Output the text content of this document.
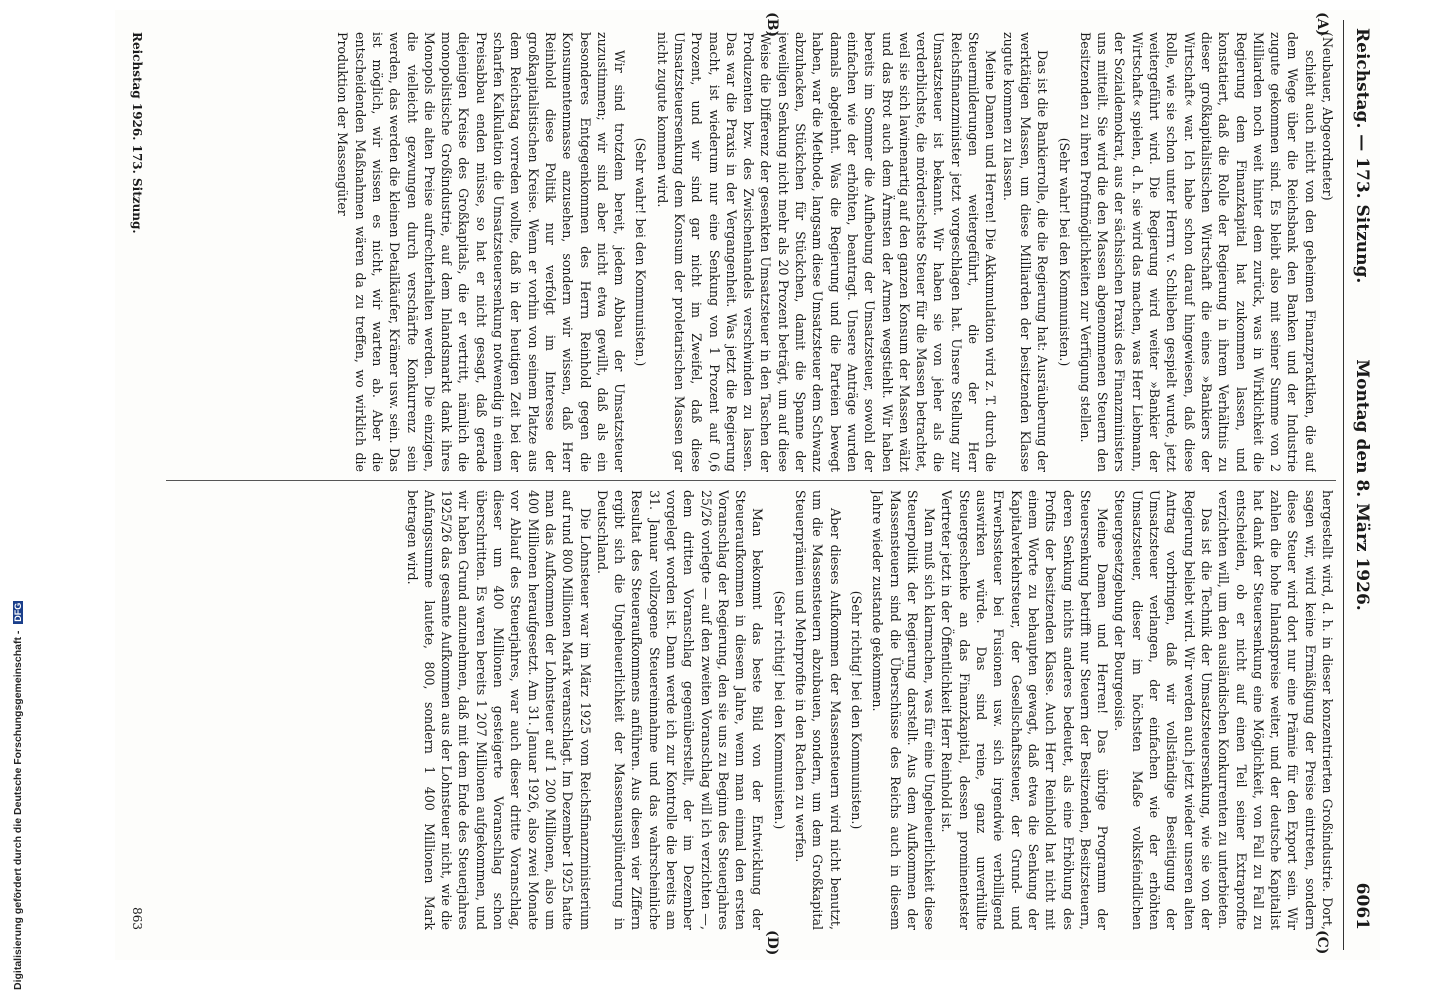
Digitalisierung gefördert durch die Deutsche Forschungsgemeinschaft - DFG
Reichstag. — 173. Sitzung.
Montag den 8. März 1926.
6061
(A)
(B)
(C)
(D)

(Neubauer, Abgeordneter)

schieht auch nicht von den geheimen Finanzpraktiken, die auf dem Wege über die Reichsbank den Banken und der Industrie zugute gekommen sind. Es bleibt also mit seiner Summe von 2 Milliarden noch weit hinter dem zurück, was in Wirklichkeit die Regierung dem Finanzkapital hat zukommen lassen, und konstatiert, daß die Rolle der Regierung in ihrem Verhältnis zu dieser großkapitalistischen Wirtschaft die eines »Bankiers der Wirtschaft« war. Ich habe schon darauf hingewiesen, daß diese Rolle, wie sie schon unter Herrn v. Schlieben gespielt wurde, jetzt weitergeführt wird. Die Regierung wird weiter »Bankier der Wirtschaft« spielen, d. h. sie wird das machen, was Herr Liebmann, der Sozialdemokrat, aus der sächsischen Praxis des Finanzministers uns mitteilt. Sie wird die den Massen abgenommenen Steuern den Besitzenden zu ihren Profitmöglichkeiten zur Verfügung stellen.

(Sehr wahr! bei den Kommunisten.)

Das ist die Bankierrolle, die die Regierung hat: Ausräuberung der werktätigen Massen, um diese Milliarden der besitzenden Klasse zugute kommen zu lassen.

Meine Damen und Herren! Die Akkumulation wird z. T. durch die Steuermilderungen weitergeführt, die der Herr Reichsfinanzminister jetzt vorgeschlagen hat. Unsere Stellung zur Umsatzsteuer ist bekannt. Wir haben sie von jeher als die verderblichste, die mörderischste Steuer für die Massen betrachtet, weil sie sich lawinenartig auf den ganzen Konsum der Massen wälzt und das Brot auch dem Ärmsten der Armen wegstiehlt. Wir haben bereits im Sommer die Aufhebung der Umsatzsteuer, sowohl der einfachen wie der erhöhten, beantragt. Unsere Anträge wurden damals abgelehnt. Was die Regierung und die Parteien bewegt haben, war die Methode, langsam diese Umsatzsteuer dem Schwanz abzuhacken, Stückchen für Stückchen, damit die Spanne der jeweiligen Senkung nicht mehr als 20 Prozent beträgt, um auf diese Weise die Differenz der gesenkten Umsatzsteuer in den Taschen der Produzenten bzw. des Zwischenhandels verschwinden zu lassen. Das war die Praxis in der Vergangenheit. Was jetzt die Regierung macht, ist wiederum nur eine Senkung von 1 Prozent auf 0,6 Prozent, und wir sind gar nicht im Zweifel, daß diese Umsatzsteuersenkung dem Konsum der proletarischen Massen gar nicht zugute kommen wird.

(Sehr wahr! bei den Kommunisten.)

Wir sind trotzdem bereit, jedem Abbau der Umsatzsteuer zuzustimmen; wir sind aber nicht etwa gewillt, daß als ein besonderes Entgegenkommen des Herrn Reinhold gegen die Konsumentenmasse anzusehen, sondern wir wissen, daß Herr Reinhold diese Politik nur verfolgt im Interesse der großkapitalistischen Kreise. Wenn er vorhin von seinem Platze aus dem Reichstag vorreden wollte, daß in der heutigen Zeit bei der scharfen Kalkulation die Umsatzsteuersenkung notwendig in einem Preisabbau enden müsse, so hat er nicht gesagt, daß gerade diejenigen Kreise des Großkapitals, die er vertritt, nämlich die monopolistische Großindustrie, auf dem Inlandsmarkt dank ihres Monopols die alten Preise aufrechterhalten werden. Die einzigen, die vielleicht gezwungen durch verschärfte Konkurrenz sein werden, das werden die kleinen Detailkäufer, Krämer usw. sein. Das ist möglich, wir wissen es nicht, wir warten ab. Aber die entscheidenden Maßnahmen wären da zu treffen, wo wirklich die Produktion der Massengüter

hergestellt wird, d. h. in dieser konzentrierten Großindustrie. Dort, sagen wir, wird keine Ermäßigung der Preise eintreten, sondern diese Steuer wird dort nur eine Prämie für den Export sein. Wir zahlen die hohe Inlandspreise weiter, und der deutsche Kapitalist hat dank der Steuersenkung eine Möglichkeit, von Fall zu Fall zu entscheiden, ob er nicht auf einen Teil seiner Extraprofite verzichten will, um den ausländischen Konkurrenten zu unterbieten.

Das ist die Technik der Umsatzsteuersenkung, wie sie von der Regierung beliebt wird. Wir werden auch jetzt wieder unseren alten Antrag vorbringen, daß wir vollständige Beseitigung der Umsatzsteuer verlangen, der einfachen wie der erhöhten Umsatzsteuer, dieser im höchsten Maße volksfeindlichen Steuergesetzgebung der Bourgeoisie.

Meine Damen und Herren! Das übrige Programm der Steuersenkung betrifft nur Steuern der Besitzenden, Besitzsteuern, deren Senkung nichts anderes bedeutet, als eine Erhöhung des Profits der besitzenden Klasse. Auch Herr Reinhold hat nicht mit einem Worte zu behaupten gewagt, daß etwa die Senkung der Kapitalverkehrsteuer, der Gesellschaftssteuer, der Grund- und Erwerbssteuer bei Fusionen usw. sich irgendwie verbilligend auswirken würde. Das sind reine, ganz unverhüllte Steuergeschenke an das Finanzkapital, dessen prominentester Vertreter jetzt in der Öffentlichkeit Herr Reinhold ist.

Man muß sich klarmachen, was für eine Ungeheuerlichkeit diese Steuerpolitik der Regierung darstellt. Aus dem Aufkommen der Massensteuern sind die Überschüsse des Reichs auch in diesem Jahre wieder zustande gekommen.

(Sehr richtig! bei den Kommunisten.)

Aber dieses Aufkommen der Massensteuern wird nicht benutzt, um die Massensteuern abzubauen, sondern, um dem Großkapital Steuerprämien und Mehrprofite in den Rachen zu werfen.

(Sehr richtig! bei den Kommunisten.)

Man bekommt das beste Bild von der Entwicklung der Steueraufkommen in diesem Jahre, wenn man einmal den ersten Voranschlag der Regierung, den sie uns zu Beginn des Steuerjahres 25/26 vorlegte — auf den zweiten Voranschlag will ich verzichten —, dem dritten Voranschlag gegenüberstellt, der im Dezember vorgelegt worden ist. Dann werde ich zur Kontrolle die bereits am 31. Januar vollzogene Steuereinnahme und das wahrscheinliche Resultat des Steueraufkommens anführen. Aus diesen vier Ziffern ergibt sich die Ungeheuerlichkeit der Massenausplünderung in Deutschland.

Die Lohnsteuer war im März 1925 vom Reichsfinanzministerium auf rund 800 Millionen Mark veranschlagt. Im Dezember 1925 hatte man das Aufkommen der Lohnsteuer auf 1 200 Millionen, also um 400 Millionen heraufgesetzt. Am 31. Januar 1926, also zwei Monate vor Ablauf des Steuerjahres, war auch dieser dritte Voranschlag, dieser um 400 Millionen gesteigerte Voranschlag schon überschritten. Es waren bereits 1 207 Millionen aufgekommen, und wir haben Grund anzunehmen, daß mit dem Ende des Steuerjahres 1925/26 das gesamte Aufkommen aus der Lohnsteuer nicht, wie die Anfangssumme lautete, 800, sondern 1 400 Millionen Mark betragen wird.

Reichstag 1926. 173. Sitzung.
863
